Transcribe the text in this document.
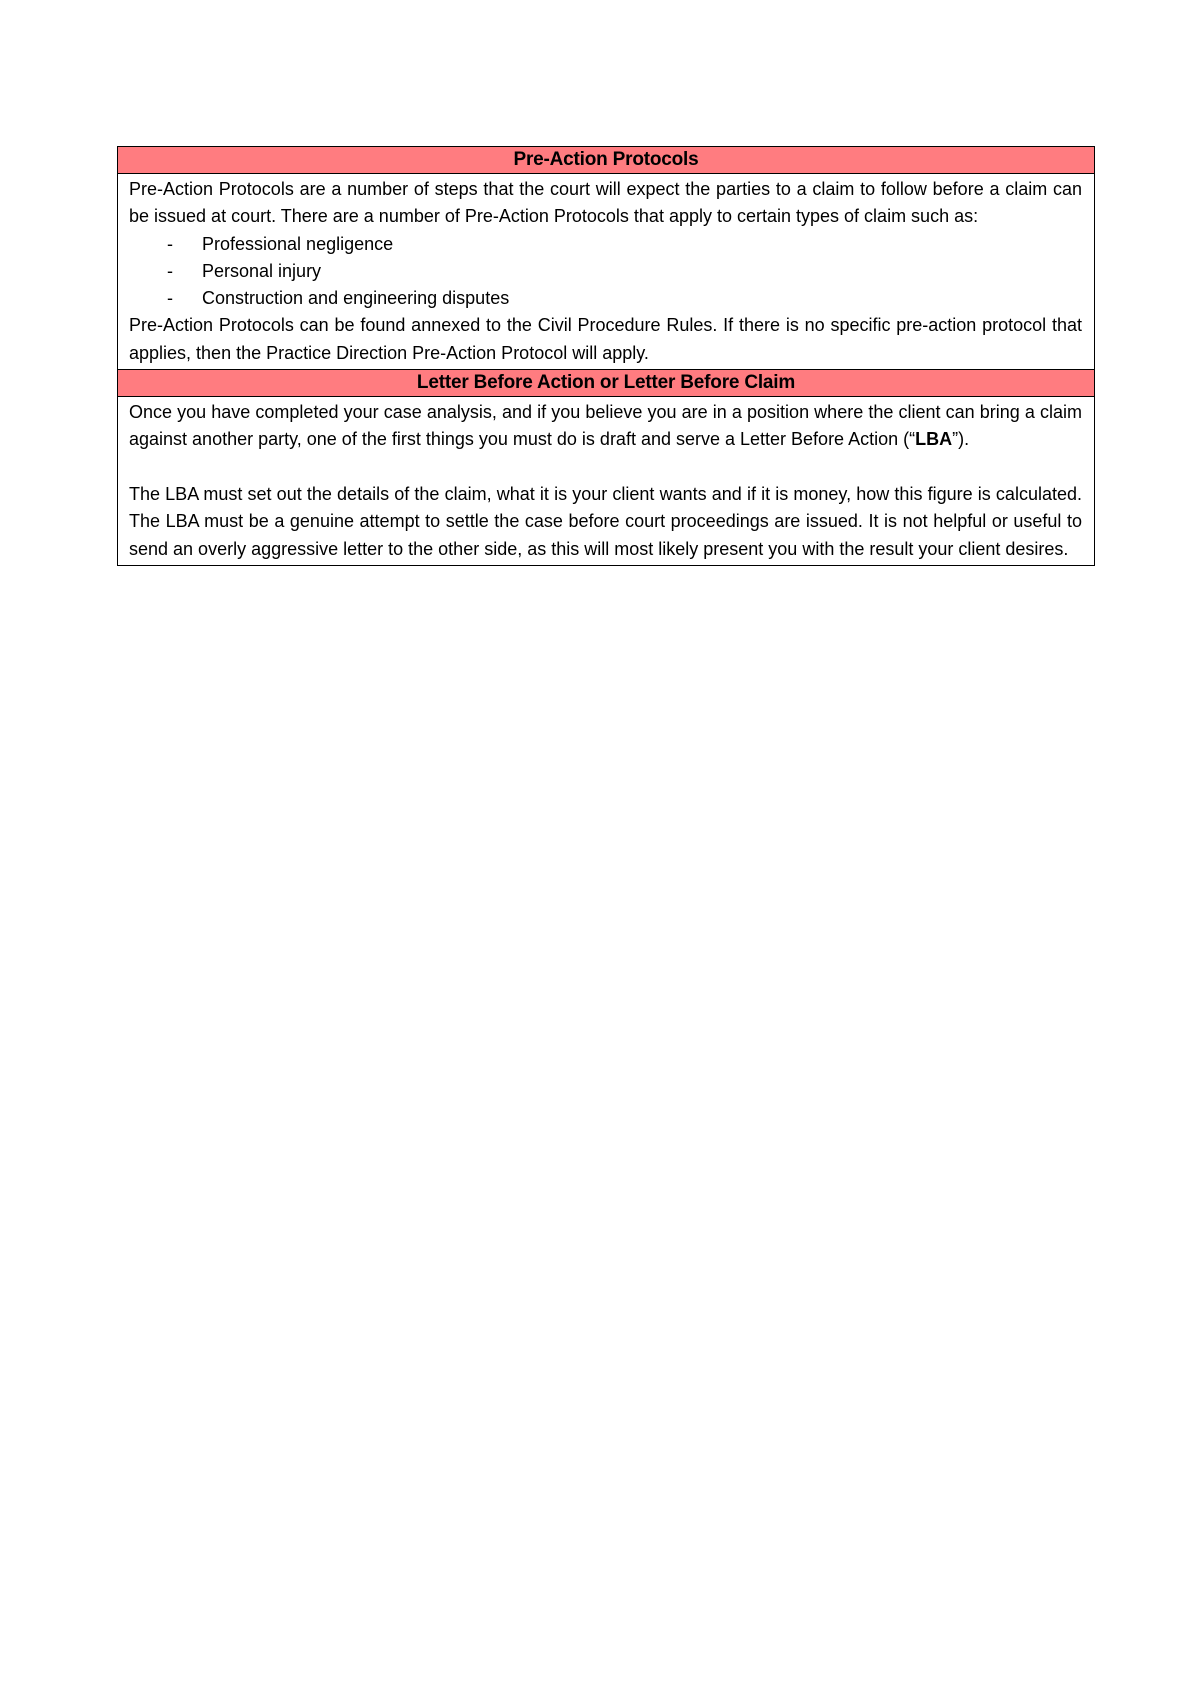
Pre-Action Protocols

Pre-Action Protocols are a number of steps that the court will expect the parties to a claim to follow before a claim can be issued at court. There are a number of Pre-Action Protocols that apply to certain types of claim such as:

- Professional negligence
- Personal injury
- Construction and engineering disputes

Pre-Action Protocols can be found annexed to the Civil Procedure Rules. If there is no specific pre-action protocol that applies, then the Practice Direction Pre-Action Protocol will apply.

Letter Before Action or Letter Before Claim

Once you have completed your case analysis, and if you believe you are in a position where the client can bring a claim against another party, one of the first things you must do is draft and serve a Letter Before Action (“LBA”).

The LBA must set out the details of the claim, what it is your client wants and if it is money, how this figure is calculated. The LBA must be a genuine attempt to settle the case before court proceedings are issued. It is not helpful or useful to send an overly aggressive letter to the other side, as this will most likely present you with the result your client desires.
